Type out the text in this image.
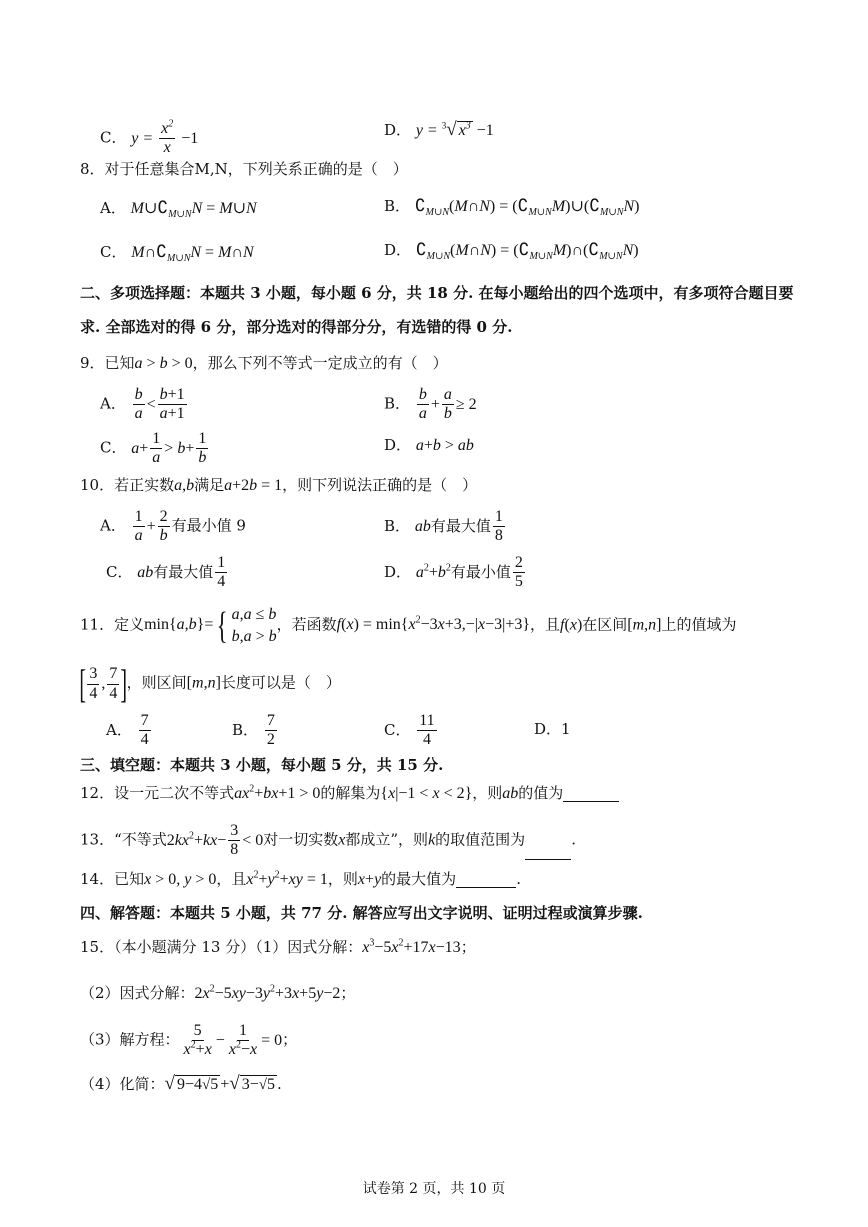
C． $y = \frac{x^2}{x} -1$	D． y = $^3$√ $x^3 -1$
8．对于任意集合M,N，下列关系正确的是（　）
A． $M\cup∁_{M\cup N}N$ = M∪N	B． $∁_{M\cup N}(M\cap N)$ = $(∁_{M\cup N}M)\cup(∁_{M\cup N}N)$
C． $M\cap∁_{M\cup N}N$ = M∩N	D． $∁_{M\cup N}(M\cap N)$ = $(∁_{M\cup N}M)\cap(∁_{M\cup N}N)$
二、多项选择题：本题共 3 小题，每小题 6 分，共 18 分. 在每小题给出的四个选项中，有多项符合题目要
求. 全部选对的得 6 分，部分选对的得部分分，有选错的得 0 分.
9．已知a > b > 0，那么下列不等式一定成立的有（　）
A． $\frac{b}{a} < \frac{b+1}{a+1}$	B． $\frac{b}{a} + \frac{a}{b} \ge 2$
C． $a+ \frac{1}{a} > b+ \frac{1}{b}$	D． a+b > ab
10．若正实数a,b满足a+2b = 1，则下列说法正确的是（　）
A． $\frac{1}{a} + \frac{2}{b}$ 有最小值 9	B． ab有最大值 $\frac{1}{8}$
C． ab有最大值 $\frac{1}{4}$	D． $a^2+b^2$有最小值 $\frac{2}{5}$
11．定义min{a,b}={ a,a ≤ b
b,a > b
，若函数$f(x) = \min\{x^2-3x+3,-|x-3|+3\}$，且f(x)在区间[m,n]上的值域为
[ $\frac{3}{4}$ , $\frac{7}{4}$ ]，则区间[m,n]长度可以是（　）
A． $\frac{7}{4}$	B． $\frac{7}{2}$	C． $\frac{11}{4}$	D．1
三、填空题：本题共 3 小题，每小题 5 分，共 15 分.
12．设一元二次不等式$ax^2+bx+1 > 0$的解集为{x|−1 < x < 2}，则ab的值为
13．“不等式$2kx^2+kx- \frac{3}{8} < 0$对一切实数x都成立”，则k的取值范围为	.
14．已知x > 0, y > 0，且$x^2+y^2+xy = 1$，则x+y的最大值为	.
四、解答题：本题共 5 小题，共 77 分. 解答应写出文字说明、证明过程或演算步骤.
15．（本小题满分 13 分）（1）因式分解：$x^3-5x^2+17x-13$；
（2）因式分解：$2x^2-5xy-3y^2+3x+5y-2$；
（3）解方程： $\frac{5}{x^2+x} - \frac{1}{x^2-x} = 0$；
（4）化简：√ 9−4√5 +√ 3−√5 .
试卷第 2 页，共 10 页
